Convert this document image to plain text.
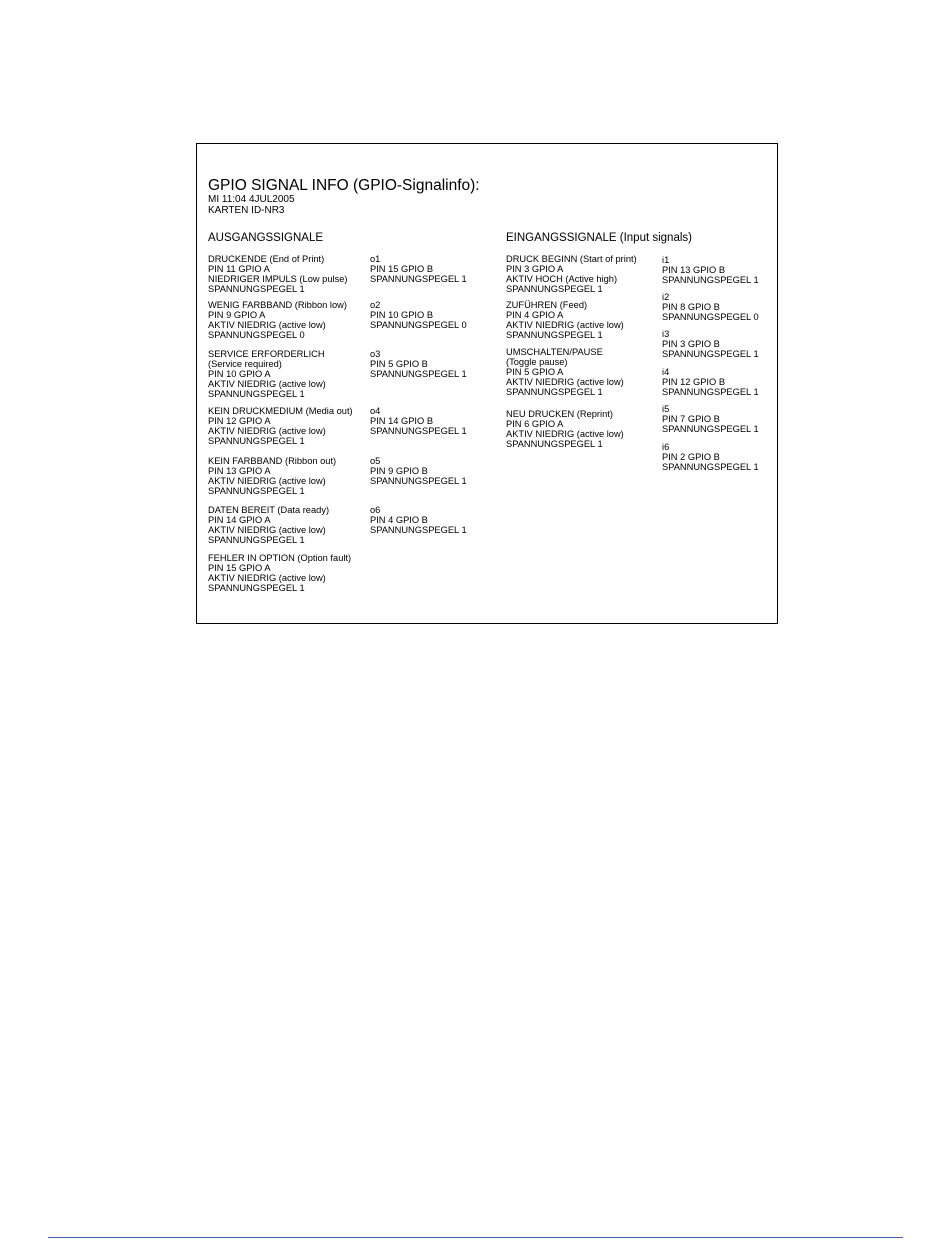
GPIO SIGNAL INFO (GPIO-Signalinfo):
MI 11:04 4JUL2005
KARTEN ID-NR3
AUSGANGSSIGNALE	EINGANGSSIGNALE (Input signals)
DRUCKENDE (End of Print)
PIN 11 GPIO A
NIEDRIGER IMPULS (Low pulse)
SPANNUNGSPEGEL 1
WENIG FARBBAND (Ribbon low)
PIN 9 GPIO A
AKTIV NIEDRIG (active low)
SPANNUNGSPEGEL 0
SERVICE ERFORDERLICH
(Service required)
PIN 10 GPIO A
AKTIV NIEDRIG (active low)
SPANNUNGSPEGEL 1
KEIN DRUCKMEDIUM (Media out)
PIN 12 GPIO A
AKTIV NIEDRIG (active low)
SPANNUNGSPEGEL 1
KEIN FARBBAND (Ribbon out)
PIN 13 GPIO A
AKTIV NIEDRIG (active low)
SPANNUNGSPEGEL 1
DATEN BEREIT (Data ready)
PIN 14 GPIO A
AKTIV NIEDRIG (active low)
SPANNUNGSPEGEL 1
FEHLER IN OPTION (Option fault)
PIN 15 GPIO A
AKTIV NIEDRIG (active low)
SPANNUNGSPEGEL 1
o1
PIN 15 GPIO B
SPANNUNGSPEGEL 1
o2
PIN 10 GPIO B
SPANNUNGSPEGEL 0
o3
PIN 5 GPIO B
SPANNUNGSPEGEL 1
o4
PIN 14 GPIO B
SPANNUNGSPEGEL 1
o5
PIN 9 GPIO B
SPANNUNGSPEGEL 1
o6
PIN 4 GPIO B
SPANNUNGSPEGEL 1
DRUCK BEGINN (Start of print)
PIN 3 GPIO A
AKTIV HOCH (Active high)
SPANNUNGSPEGEL 1
ZUFÜHREN (Feed)
PIN 4 GPIO A
AKTIV NIEDRIG (active low)
SPANNUNGSPEGEL 1
UMSCHALTEN/PAUSE
(Toggle pause)
PIN 5 GPIO A
AKTIV NIEDRIG (active low)
SPANNUNGSPEGEL 1
NEU DRUCKEN (Reprint)
PIN 6 GPIO A
AKTIV NIEDRIG (active low)
SPANNUNGSPEGEL 1
i1
PIN 13 GPIO B
SPANNUNGSPEGEL 1
i2
PIN 8 GPIO B
SPANNUNGSPEGEL 0
i3
PIN 3 GPIO B
SPANNUNGSPEGEL 1
i4
PIN 12 GPIO B
SPANNUNGSPEGEL 1
i5
PIN 7 GPIO B
SPANNUNGSPEGEL 1
i6
PIN 2 GPIO B
SPANNUNGSPEGEL 1
